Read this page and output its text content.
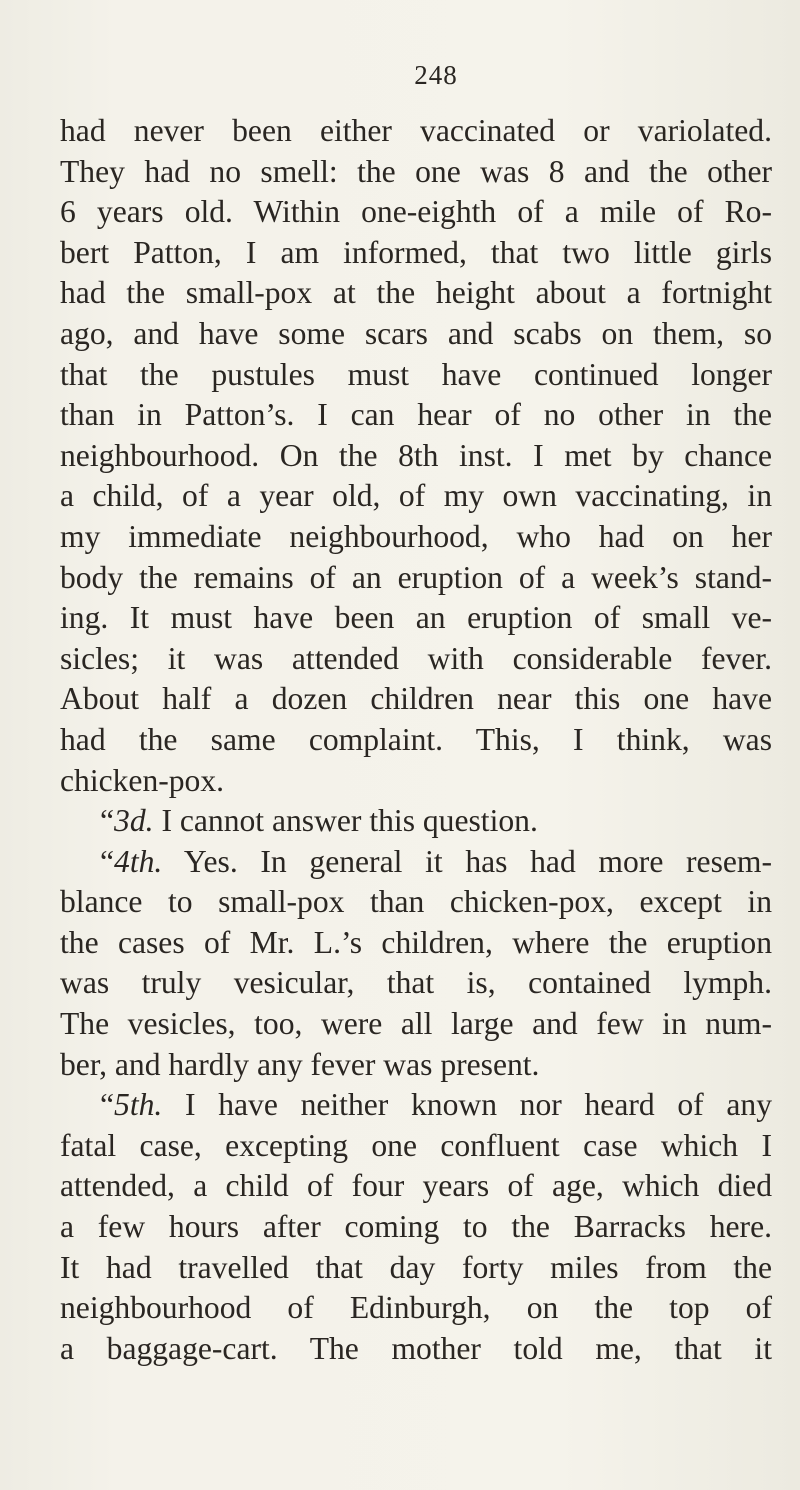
248
had never been either vaccinated or variolated.
They had no smell: the one was 8 and the other
6 years old. Within one-eighth of a mile of Ro-
bert Patton, I am informed, that two little girls
had the small-pox at the height about a fortnight
ago, and have some scars and scabs on them, so
that the pustules must have continued longer
than in Patton’s. I can hear of no other in the
neighbourhood. On the 8th inst. I met by chance
a child, of a year old, of my own vaccinating, in
my immediate neighbourhood, who had on her
body the remains of an eruption of a week’s stand-
ing. It must have been an eruption of small ve-
sicles; it was attended with considerable fever.
About half a dozen children near this one have
had the same complaint. This, I think, was
chicken-pox.
“3d. I cannot answer this question.
“4th. Yes. In general it has had more resem-
blance to small-pox than chicken-pox, except in
the cases of Mr. L.’s children, where the eruption
was truly vesicular, that is, contained lymph.
The vesicles, too, were all large and few in num-
ber, and hardly any fever was present.
“5th. I have neither known nor heard of any
fatal case, excepting one confluent case which I
attended, a child of four years of age, which died
a few hours after coming to the Barracks here.
It had travelled that day forty miles from the
neighbourhood of Edinburgh, on the top of
a baggage-cart. The mother told me, that it
